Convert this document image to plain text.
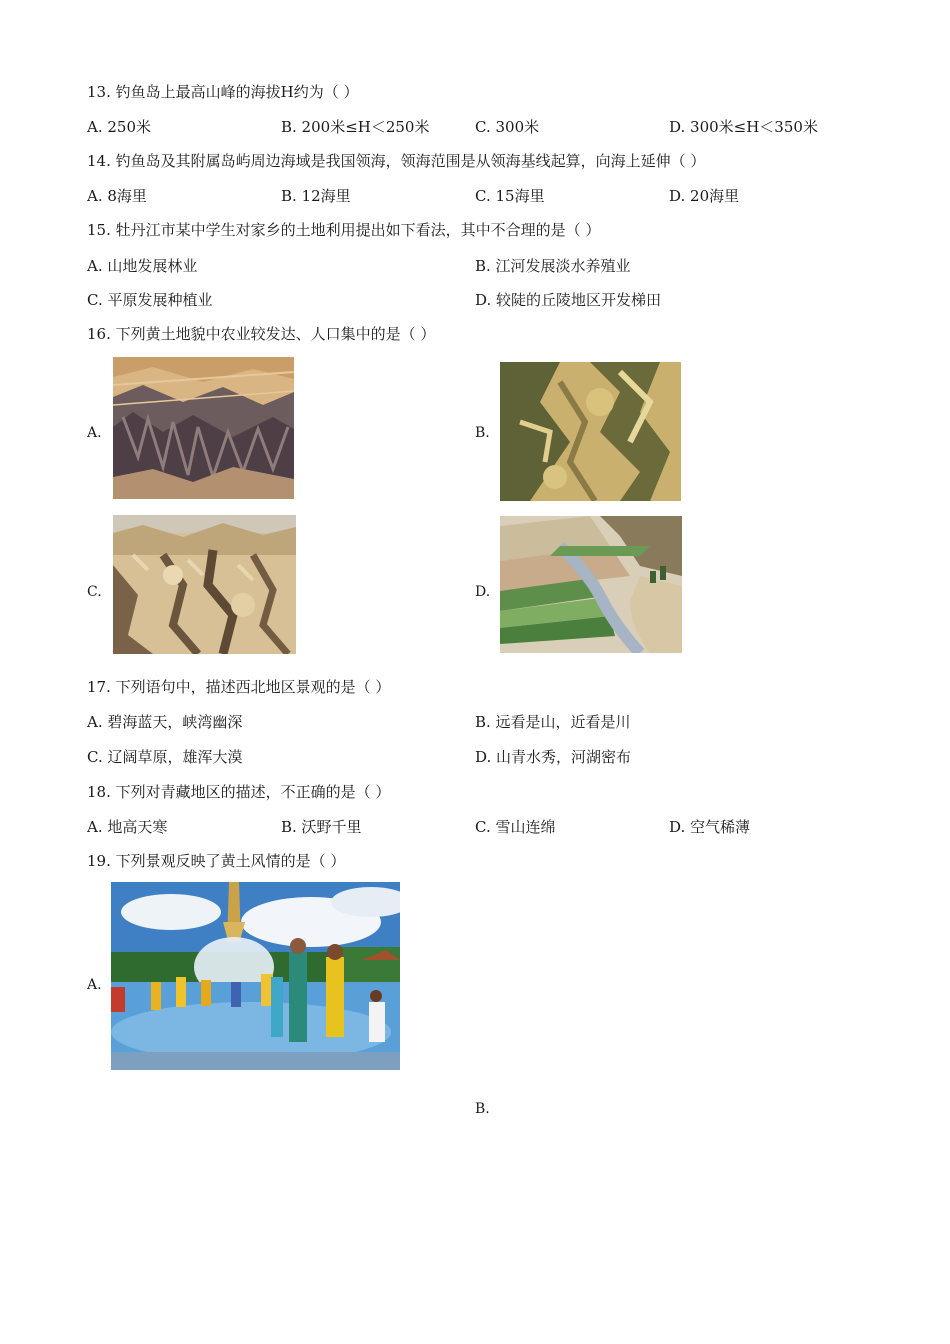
13. 钓鱼岛上最高山峰的海拔H约为（ ）
A. 250米	B. 200米≤H＜250米	C. 300米	D. 300米≤H＜350米
14. 钓鱼岛及其附属岛屿周边海域是我国领海，领海范围是从领海基线起算，向海上延伸（ ）
A. 8海里	B. 12海里	C. 15海里	D. 20海里
15. 牡丹江市某中学生对家乡的土地利用提出如下看法，其中不合理的是（ ）
A. 山地发展林业	B. 江河发展淡水养殖业
C. 平原发展种植业	D. 较陡的丘陵地区开发梯田
16. 下列黄土地貌中农业较发达、人口集中的是（ ）
A.	B.
C.	D.
17. 下列语句中，描述西北地区景观的是（ ）
A. 碧海蓝天，峡湾幽深	B. 远看是山，近看是川
C. 辽阔草原，雄浑大漠	D. 山青水秀，河湖密布
18. 下列对青藏地区的描述，不正确的是（ ）
A. 地高天寒	B. 沃野千里	C. 雪山连绵	D. 空气稀薄
19. 下列景观反映了黄土风情的是（ ）
A.
B.
